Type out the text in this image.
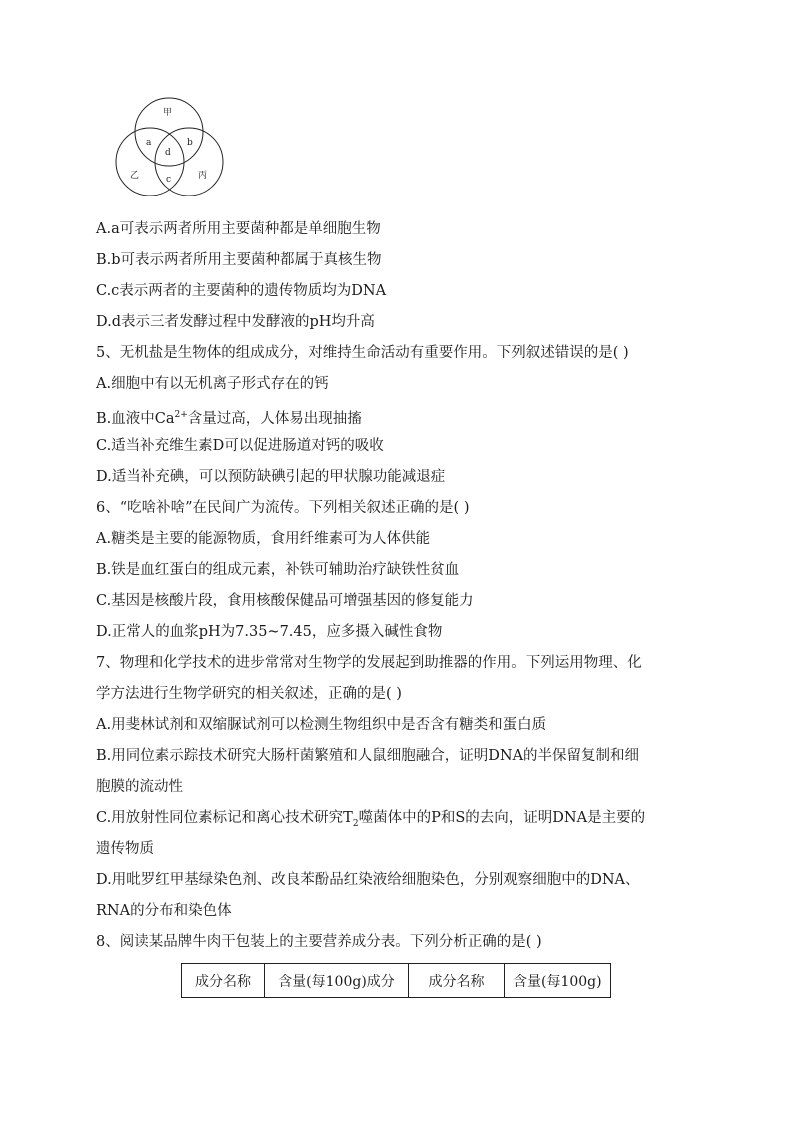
甲
乙	丙
a	b
c
d
A.a可表示两者所用主要菌种都是单细胞生物
B.b可表示两者所用主要菌种都属于真核生物
C.c表示两者的主要菌种的遗传物质均为DNA
D.d表示三者发酵过程中发酵液的pH均升高
5、无机盐是生物体的组成成分，对维持生命活动有重要作用。下列叙述错误的是( )
A.细胞中有以无机离子形式存在的钙
B.血液中$Ca^{2+}$含量过高，人体易出现抽搐
C.适当补充维生素D可以促进肠道对钙的吸收
D.适当补充碘，可以预防缺碘引起的甲状腺功能减退症
6、“吃啥补啥”在民间广为流传。下列相关叙述正确的是( )
A.糖类是主要的能源物质，食用纤维素可为人体供能
B.铁是血红蛋白的组成元素，补铁可辅助治疗缺铁性贫血
C.基因是核酸片段，食用核酸保健品可增强基因的修复能力
D.正常人的血浆pH为7.35~7.45，应多摄入碱性食物
7、物理和化学技术的进步常常对生物学的发展起到助推器的作用。下列运用物理、化
学方法进行生物学研究的相关叙述，正确的是( )
A.用斐林试剂和双缩脲试剂可以检测生物组织中是否含有糖类和蛋白质
B.用同位素示踪技术研究大肠杆菌繁殖和人鼠细胞融合，证明DNA的半保留复制和细
胞膜的流动性
C.用放射性同位素标记和离心技术研究$T_2$噬菌体中的P和S的去向，证明DNA是主要的
遗传物质
D.用吡罗红甲基绿染色剂、改良苯酚品红染液给细胞染色，分别观察细胞中的DNA、
RNA的分布和染色体
8、阅读某品牌牛肉干包装上的主要营养成分表。下列分析正确的是( )
成分名称	含量(每100g)成分	成分名称	含量(每100g)
